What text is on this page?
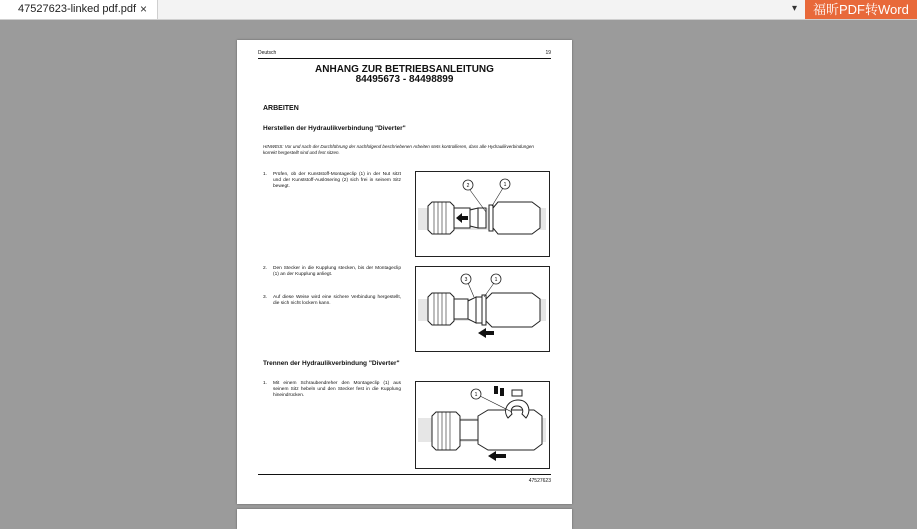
47527623-linked pdf.pdf ×	▾	福昕PDF转Word
Deutsch	19
ANHANG ZUR BETRIEBSANLEITUNG
84495673 - 84498899
ARBEITEN
Herstellen der Hydraulikverbindung "Diverter"
HINWEIS: Vor und nach der Durchführung der nachfolgend beschriebenen Arbeiten stets kontrollieren, dass alle Hydraulikverbindungen korrekt hergestellt sind und fest sitzen.
1. Prüfen, ob der Kunststoff-Montageclip (1) in der Nut sitzt und der Kunststoff-Auslösering (2) sich frei in seinem Sitz bewegt.
2. Den Stecker in die Kupplung stecken, bis der Montageclip (1) an der Kupplung anliegt.
3. Auf diese Weise wird eine sichere Verbindung hergestellt, die sich nicht lockern kann.
Trennen der Hydraulikverbindung "Diverter"
1. Mit einem Schraubendreher den Montageclip (1) aus seinem Sitz hebeln und den Stecker fest in die Kupplung hineindrücken.
2	1
3	1
1
47527623
